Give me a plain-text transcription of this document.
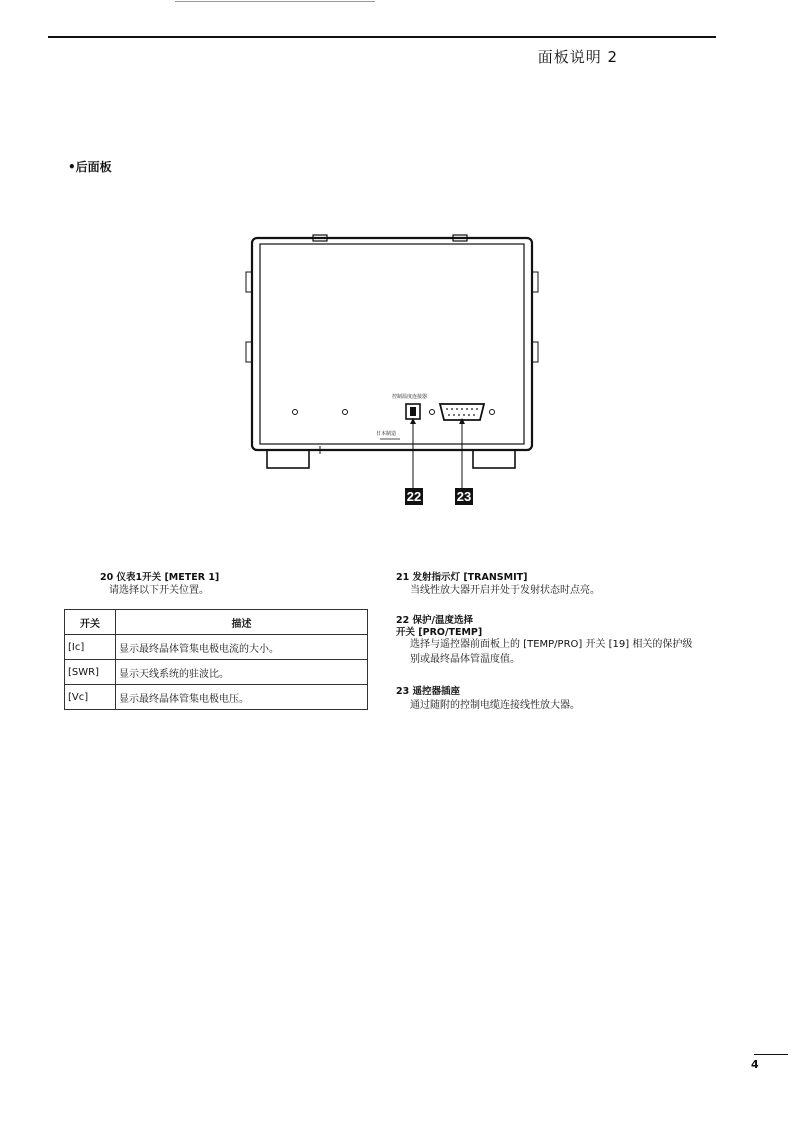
面板说明 2
•后面板
控制温度连接器
日本制造
22	23
20 仪表1开关 [METER 1]
请选择以下开关位置。
开关	描述
[Ic]	显示最终晶体管集电极电流的大小。
[SWR]	显示天线系统的驻波比。
[Vc]	显示最终晶体管集电极电压。
21 发射指示灯 [TRANSMIT]
当线性放大器开启并处于发射状态时点亮。
22 保护/温度选择
开关 [PRO/TEMP]
选择与遥控器前面板上的 [TEMP/PRO] 开关 [19] 相关的保护级
别或最终晶体管温度值。
23 遥控器插座
通过随附的控制电缆连接线性放大器。
4
